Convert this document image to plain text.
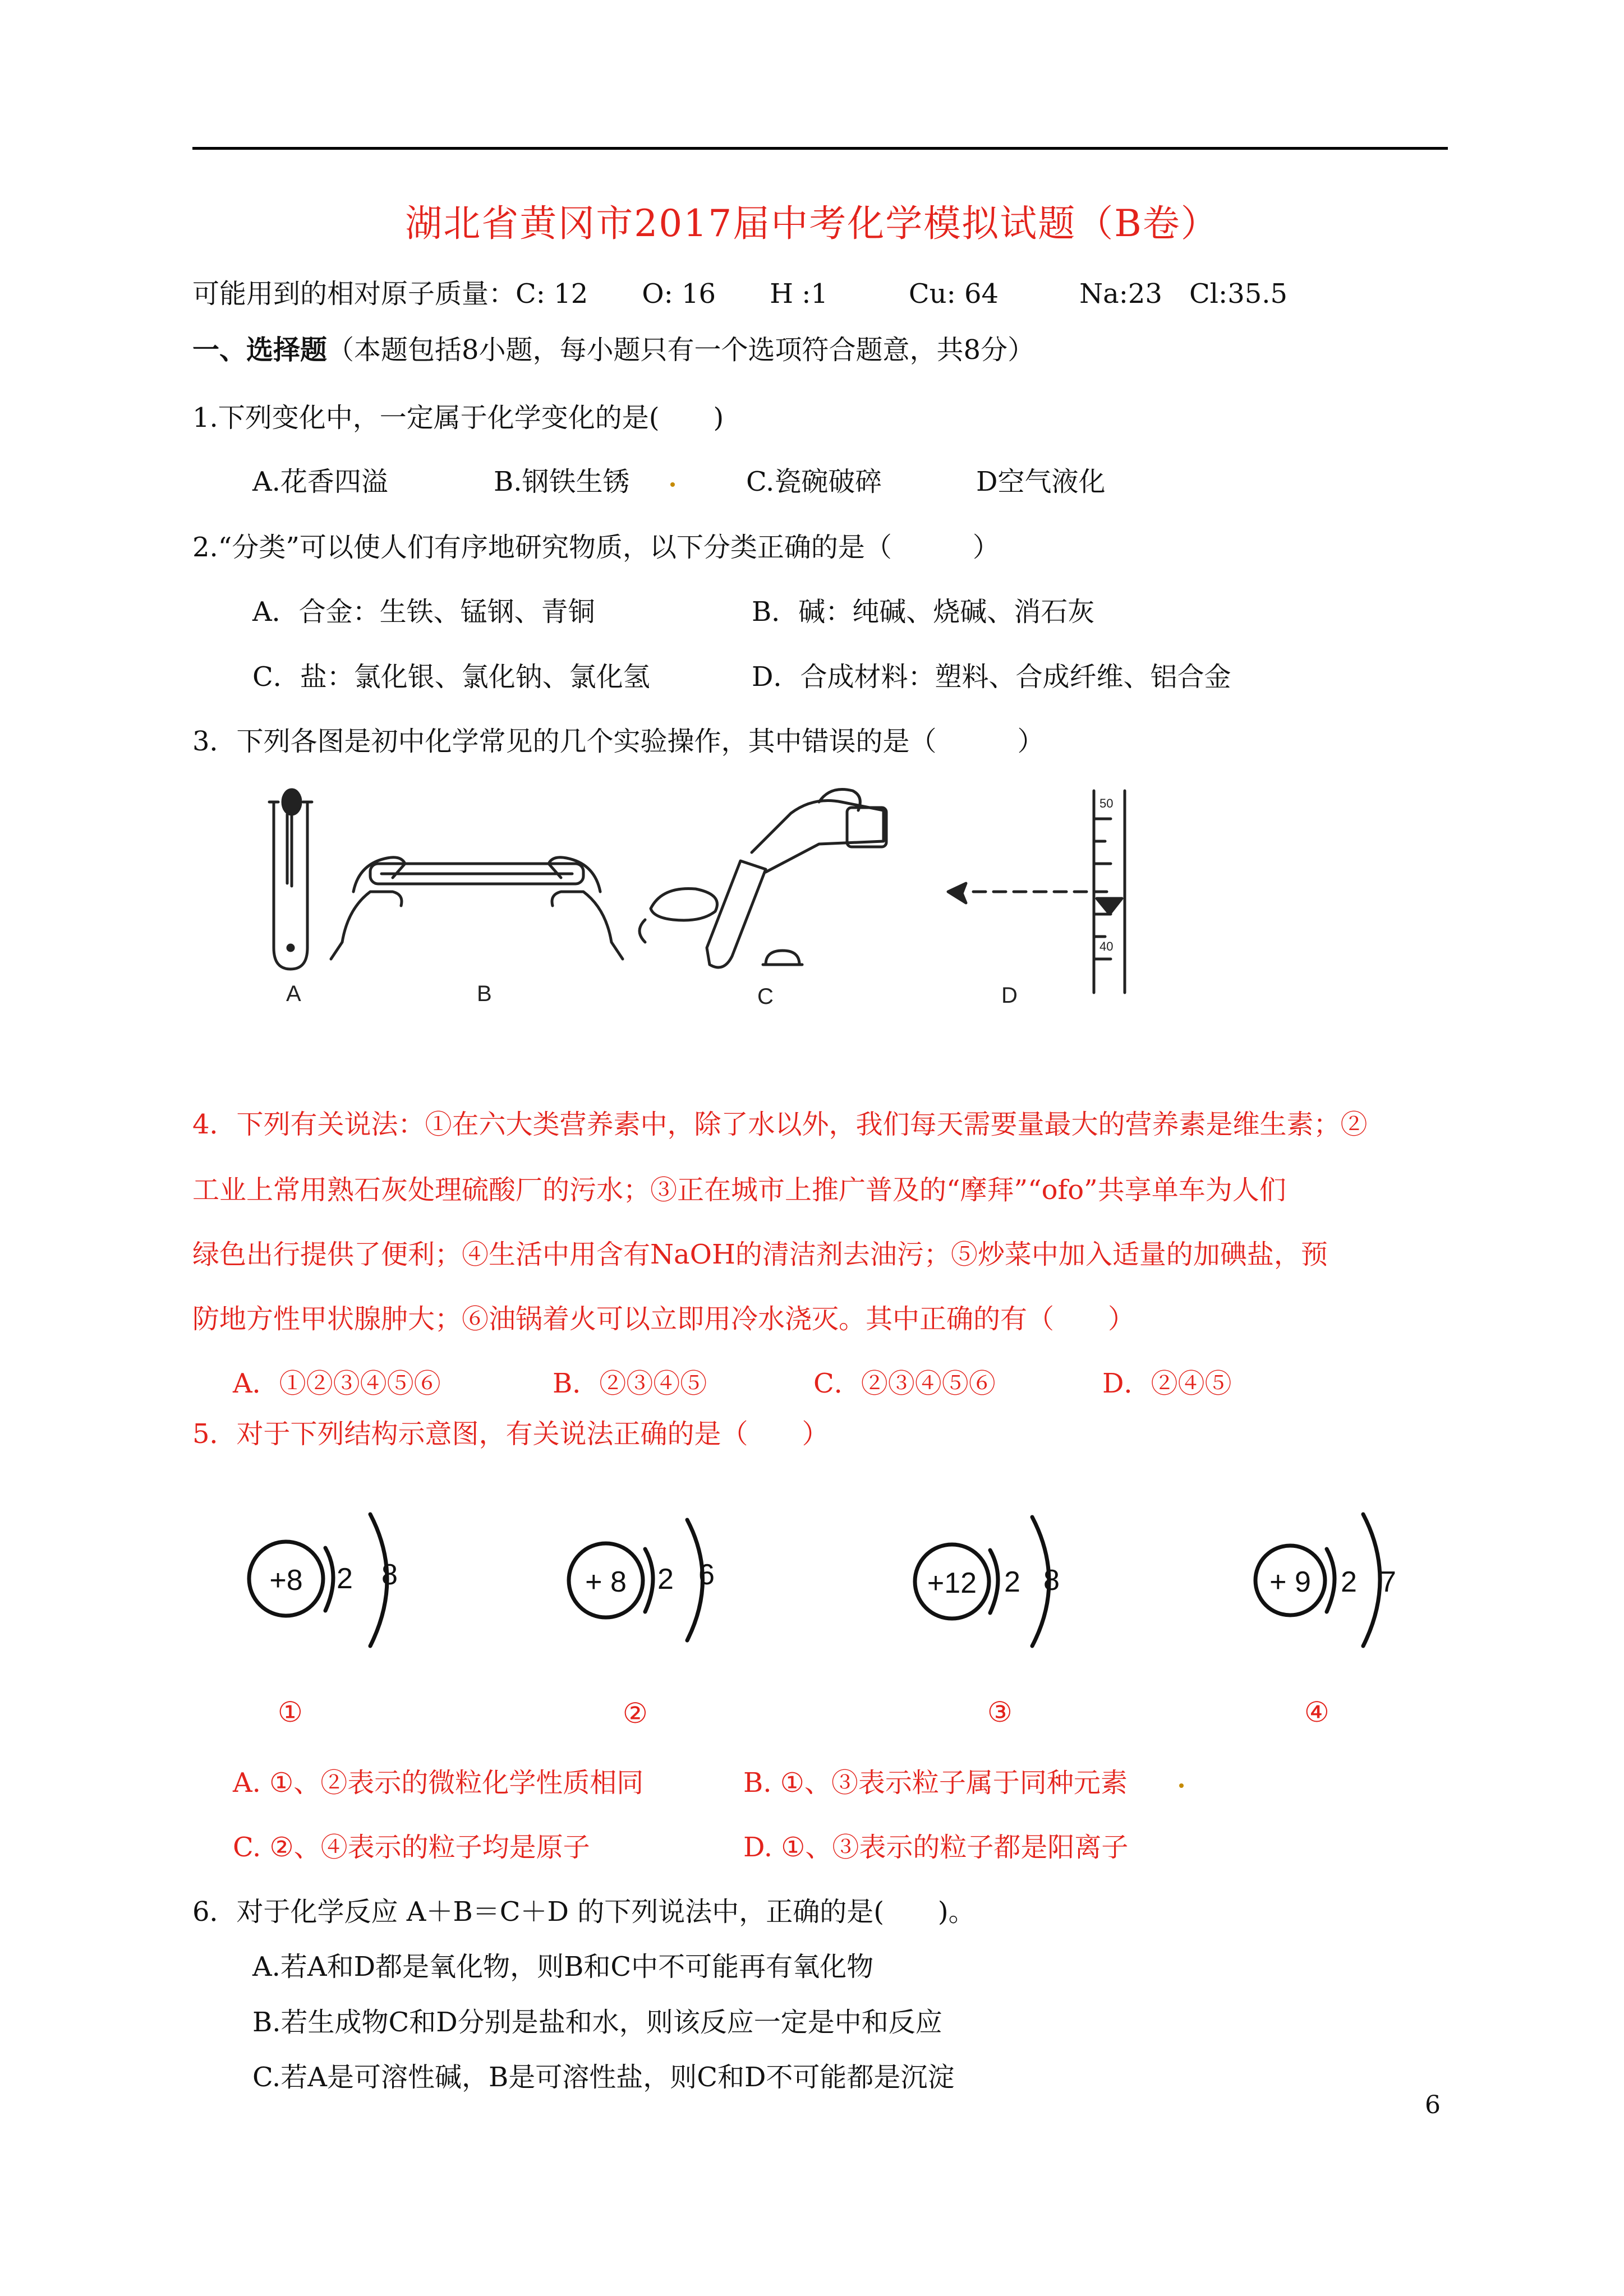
湖北省黄冈市2017届中考化学模拟试题（B卷）
可能用到的相对原子质量：C: 12　　O: 16　　H :1　　　Cu: 64　　　Na:23　Cl:35.5
一、选择题（本题包括8小题，每小题只有一个选项符合题意，共8分）
1.下列变化中，一定属于化学变化的是(　　)
A.花香四溢	B.钢铁生锈	C.瓷碗破碎	D空气液化
2.“分类”可以使人们有序地研究物质，以下分类正确的是（　　　）
A．合金：生铁、锰钢、青铜	B．碱：纯碱、烧碱、消石灰
C．盐：氯化银、氯化钠、氯化氢	D．合成材料：塑料、合成纤维、铝合金
3．下列各图是初中化学常见的几个实验操作，其中错误的是（　　　）
50
40
A	B	C	D
4．下列有关说法：①在六大类营养素中，除了水以外，我们每天需要量最大的营养素是维生素；②
工业上常用熟石灰处理硫酸厂的污水；③正在城市上推广普及的“摩拜”“ofo”共享单车为人们
绿色出行提供了便利；④生活中用含有NaOH的清洁剂去油污；⑤炒菜中加入适量的加碘盐，预
防地方性甲状腺肿大；⑥油锅着火可以立即用冷水浇灭。其中正确的有（　　）
A．①②③④⑤⑥	B．②③④⑤	C．②③④⑤⑥	D．②④⑤
5．对于下列结构示意图，有关说法正确的是（　　）
+8 2 8	+ 8 2 6	+12 2 8	+ 9 2 7
①	②	③	④
A. ①、②表示的微粒化学性质相同	B. ①、③表示粒子属于同种元素
C. ②、④表示的粒子均是原子	D. ①、③表示的粒子都是阳离子
6．对于化学反应 A＋B＝C＋D 的下列说法中，正确的是(　　)。
A.若A和D都是氧化物，则B和C中不可能再有氧化物
B.若生成物C和D分别是盐和水，则该反应一定是中和反应
C.若A是可溶性碱，B是可溶性盐，则C和D不可能都是沉淀
6
